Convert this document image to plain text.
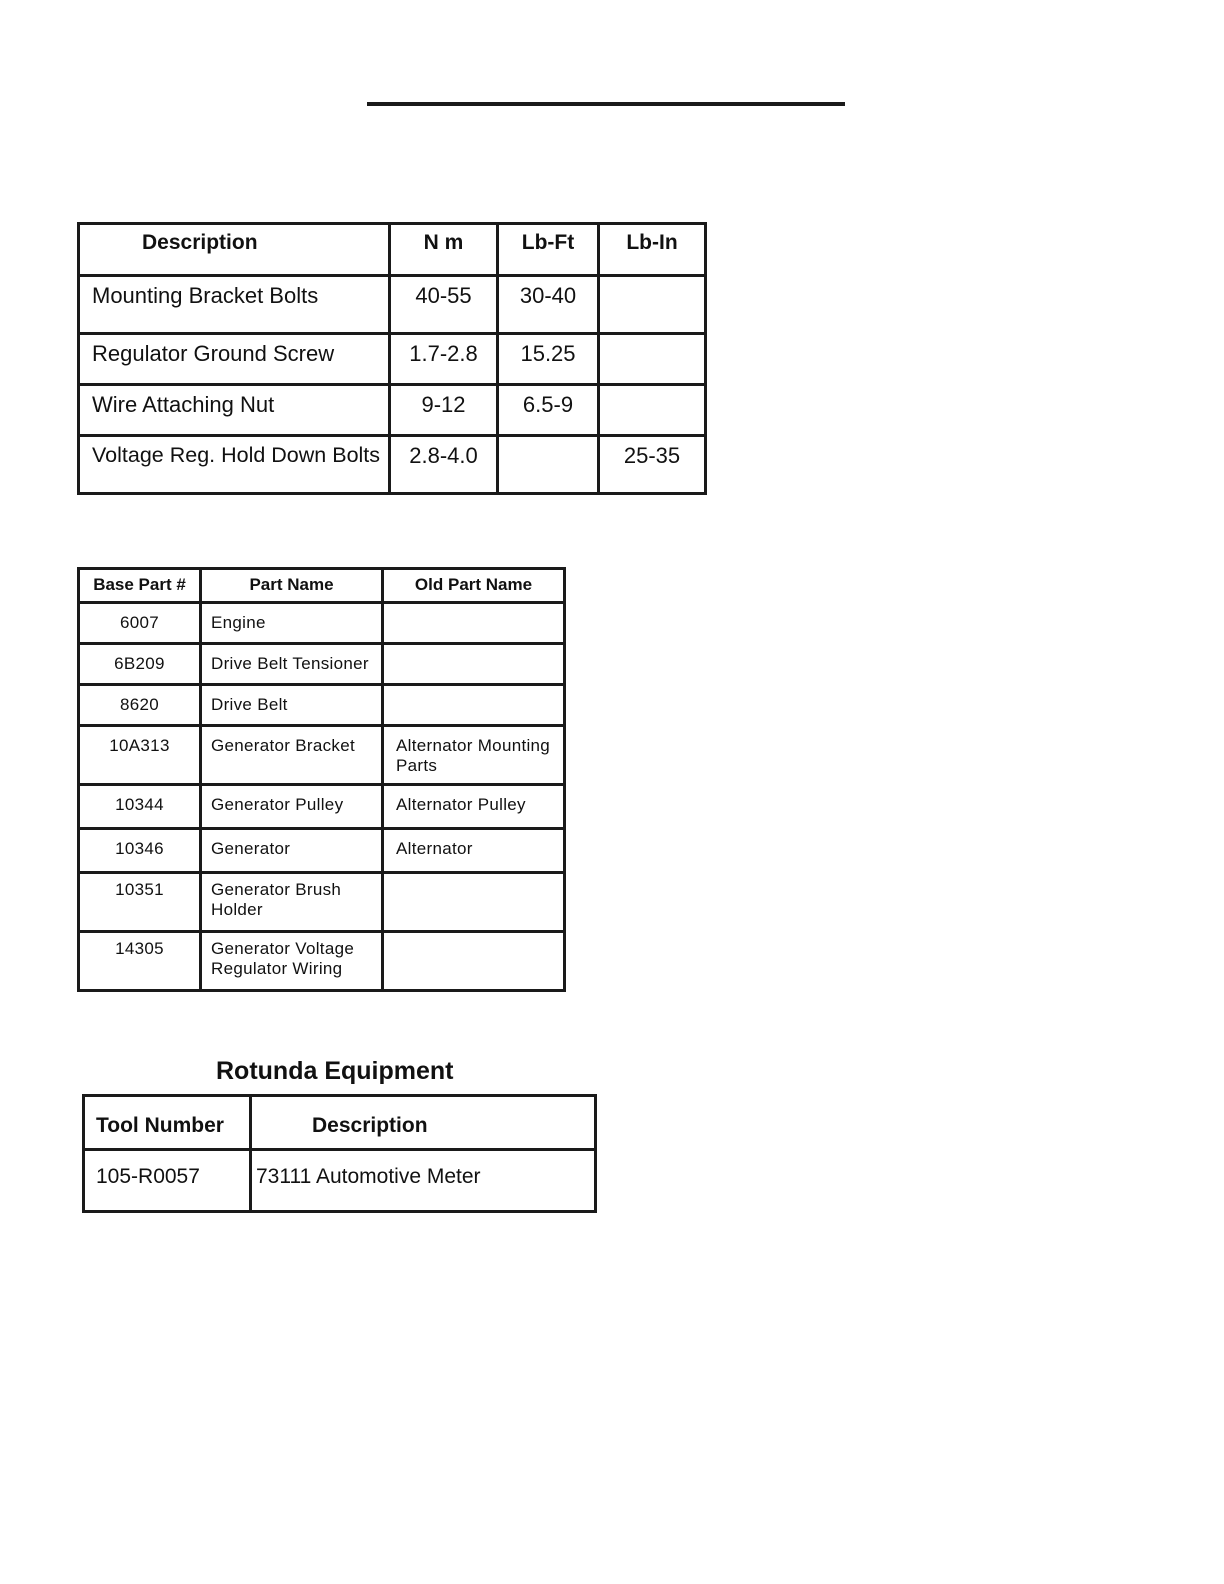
Description	N m	Lb-Ft	Lb-In
Mounting Bracket Bolts	40-55	30-40	
Regulator Ground Screw	1.7-2.8	15.25	
Wire Attaching Nut	9-12	6.5-9	
Voltage Reg. Hold Down Bolts	2.8-4.0		25-35
Base Part #	Part Name	Old Part Name
6007	Engine	
6B209	Drive Belt Tensioner	
8620	Drive Belt	
10A313	Generator Bracket	Alternator Mounting Parts
10344	Generator Pulley	Alternator Pulley
10346	Generator	Alternator
10351	Generator Brush Holder	
14305	Generator Voltage Regulator Wiring	
Rotunda Equipment
Tool Number	Description
105-R0057	73111 Automotive Meter
